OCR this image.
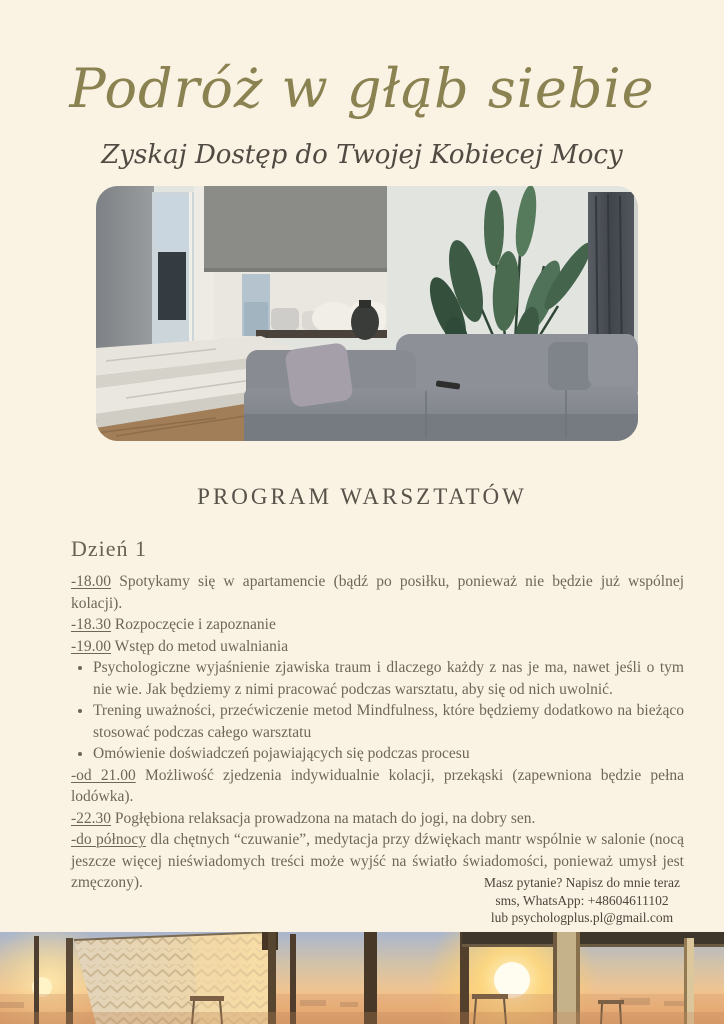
Podróż w głąb siebie
Zyskaj Dostęp do Twojej Kobiecej Mocy
PROGRAM WARSZTATÓW
Dzień 1

-18.00 Spotykamy się w apartamencie (bądź po posiłku, ponieważ nie będzie już wspólnej kolacji).

-18.30 Rozpoczęcie i zapoznanie

-19.00 Wstęp do metod uwalniania

• Psychologiczne wyjaśnienie zjawiska traum i dlaczego każdy z nas je ma, nawet jeśli o tym nie wie. Jak będziemy z nimi pracować podczas warsztatu, aby się od nich uwolnić.
• Trening uważności, przećwiczenie metod Mindfulness, które będziemy dodatkowo na bieżąco stosować podczas całego warsztatu
• Omówienie doświadczeń pojawiających się podczas procesu

-od 21.00 Możliwość zjedzenia indywidualnie kolacji, przekąski (zapewniona będzie pełna lodówka).

-22.30 Pogłębiona relaksacja prowadzona na matach do jogi, na dobry sen.

-do północy dla chętnych “czuwanie”, medytacja przy dźwiękach mantr wspólnie w salonie (nocą jeszcze więcej nieświadomych treści może wyjść na światło świadomości, ponieważ umysł jest zmęczony).	Masz pytanie? Napisz do mnie teraz
sms, WhatsApp: +48604611102
lub psychologplus.pl@gmail.com
